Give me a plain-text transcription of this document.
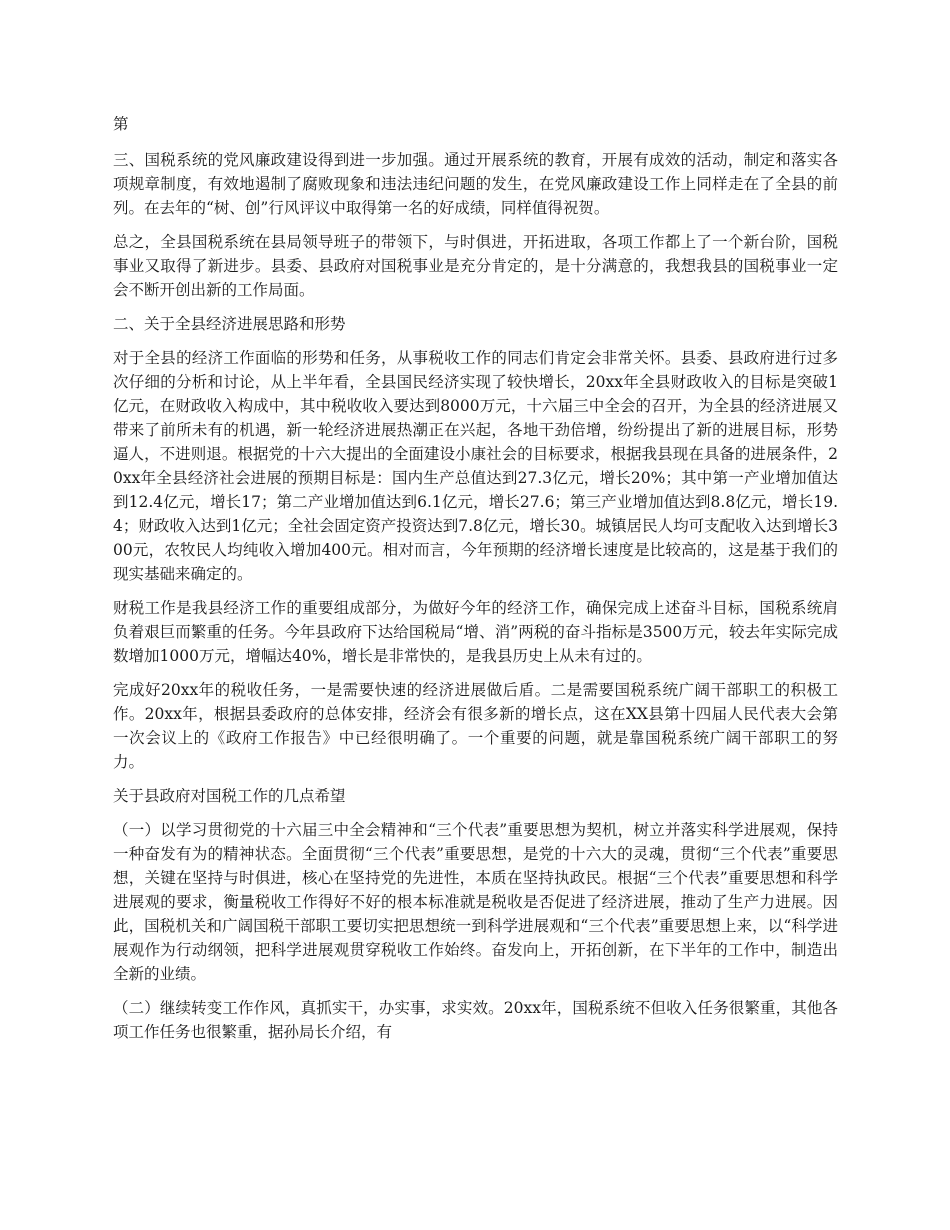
第

三、国税系统的党风廉政建设得到进一步加强。通过开展系统的教育，开展有成效的活动，制定和落实各项规章制度，有效地遏制了腐败现象和违法违纪问题的发生，在党风廉政建设工作上同样走在了全县的前列。在去年的“树、创”行风评议中取得第一名的好成绩，同样值得祝贺。

总之，全县国税系统在县局领导班子的带领下，与时俱进，开拓进取，各项工作都上了一个新台阶，国税事业又取得了新进步。县委、县政府对国税事业是充分肯定的，是十分满意的，我想我县的国税事业一定会不断开创出新的工作局面。

二、关于全县经济进展思路和形势

对于全县的经济工作面临的形势和任务，从事税收工作的同志们肯定会非常关怀。县委、县政府进行过多次仔细的分析和讨论，从上半年看，全县国民经济实现了较快增长，20xx年全县财政收入的目标是突破1亿元，在财政收入构成中，其中税收收入要达到8000万元，十六届三中全会的召开，为全县的经济进展又带来了前所未有的机遇，新一轮经济进展热潮正在兴起，各地干劲倍增，纷纷提出了新的进展目标，形势逼人，不进则退。根据党的十六大提出的全面建设小康社会的目标要求，根据我县现在具备的进展条件，20xx年全县经济社会进展的预期目标是：国内生产总值达到27.3亿元，增长20%；其中第一产业增加值达到12.4亿元，增长17；第二产业增加值达到6.1亿元，增长27.6；第三产业增加值达到8.8亿元，增长19.4；财政收入达到1亿元；全社会固定资产投资达到7.8亿元，增长30。城镇居民人均可支配收入达到增长300元，农牧民人均纯收入增加400元。相对而言，今年预期的经济增长速度是比较高的，这是基于我们的现实基础来确定的。

财税工作是我县经济工作的重要组成部分，为做好今年的经济工作，确保完成上述奋斗目标，国税系统肩负着艰巨而繁重的任务。今年县政府下达给国税局“增、消”两税的奋斗指标是3500万元，较去年实际完成数增加1000万元，增幅达40%，增长是非常快的，是我县历史上从未有过的。

完成好20xx年的税收任务，一是需要快速的经济进展做后盾。二是需要国税系统广阔干部职工的积极工作。20xx年，根据县委政府的总体安排，经济会有很多新的增长点，这在XX县第十四届人民代表大会第一次会议上的《政府工作报告》中已经很明确了。一个重要的问题，就是靠国税系统广阔干部职工的努力。

关于县政府对国税工作的几点希望

（一）以学习贯彻党的十六届三中全会精神和“三个代表”重要思想为契机，树立并落实科学进展观，保持一种奋发有为的精神状态。全面贯彻“三个代表”重要思想，是党的十六大的灵魂，贯彻“三个代表”重要思想，关键在坚持与时俱进，核心在坚持党的先进性，本质在坚持执政民。根据“三个代表”重要思想和科学进展观的要求，衡量税收工作得好不好的根本标准就是税收是否促进了经济进展，推动了生产力进展。因此，国税机关和广阔国税干部职工要切实把思想统一到科学进展观和“三个代表”重要思想上来，以“科学进展观作为行动纲领，把科学进展观贯穿税收工作始终。奋发向上，开拓创新，在下半年的工作中，制造出全新的业绩。

（二）继续转变工作作风，真抓实干，办实事，求实效。20xx年，国税系统不但收入任务很繁重，其他各项工作任务也很繁重，据孙局长介绍，有
